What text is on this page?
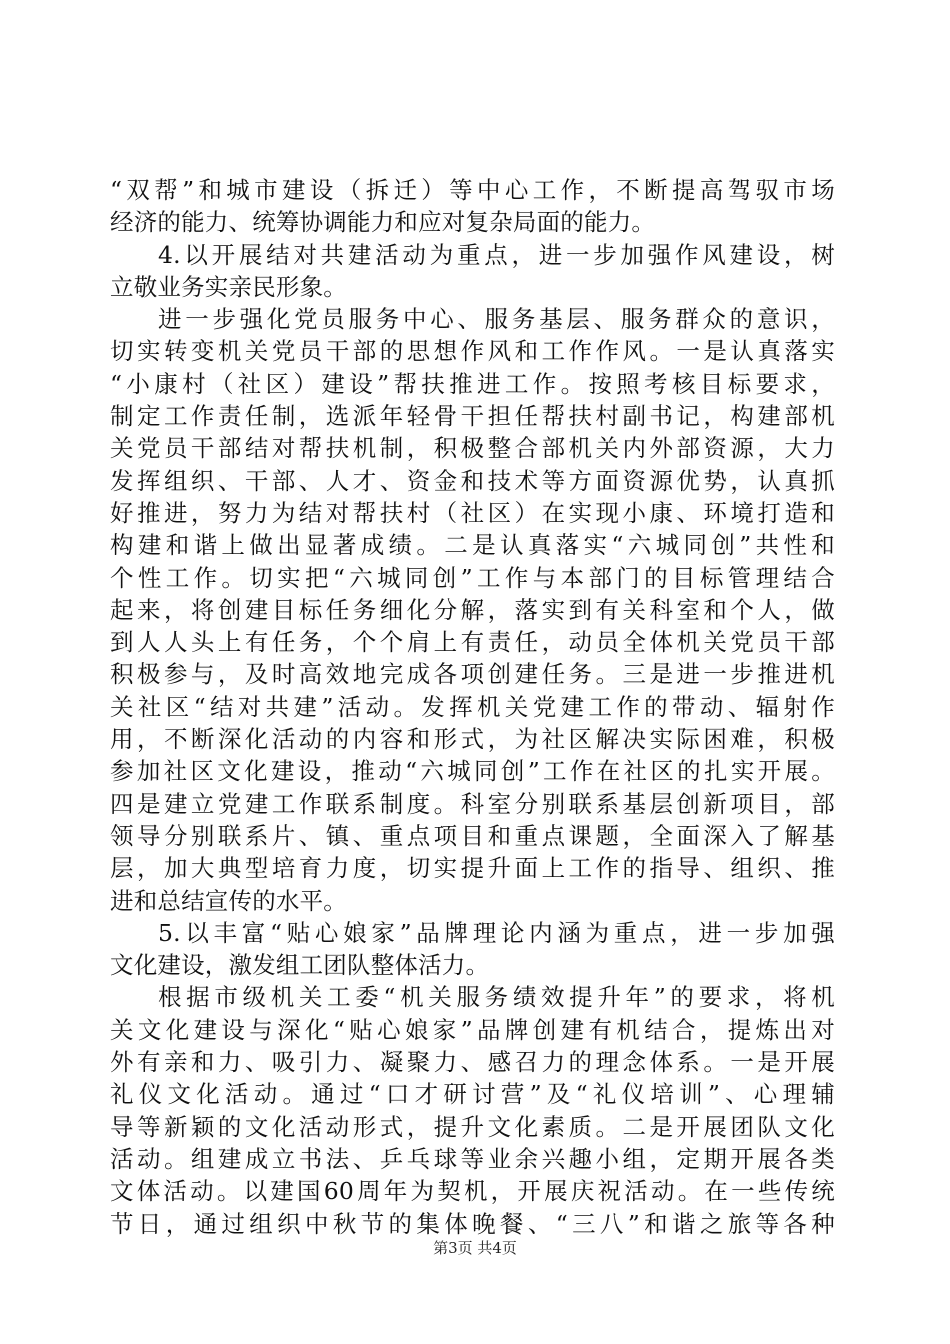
“双帮”和城市建设（拆迁）等中心工作，不断提高驾驭市场
经济的能力、统筹协调能力和应对复杂局面的能力。
4.以开展结对共建活动为重点，进一步加强作风建设，树
立敬业务实亲民形象。
进一步强化党员服务中心、服务基层、服务群众的意识，
切实转变机关党员干部的思想作风和工作作风。一是认真落实
“小康村（社区）建设”帮扶推进工作。按照考核目标要求，
制定工作责任制，选派年轻骨干担任帮扶村副书记，构建部机
关党员干部结对帮扶机制，积极整合部机关内外部资源，大力
发挥组织、干部、人才、资金和技术等方面资源优势，认真抓
好推进，努力为结对帮扶村（社区）在实现小康、环境打造和
构建和谐上做出显著成绩。二是认真落实“六城同创”共性和
个性工作。切实把“六城同创”工作与本部门的目标管理结合
起来，将创建目标任务细化分解，落实到有关科室和个人，做
到人人头上有任务，个个肩上有责任，动员全体机关党员干部
积极参与，及时高效地完成各项创建任务。三是进一步推进机
关社区“结对共建”活动。发挥机关党建工作的带动、辐射作
用，不断深化活动的内容和形式，为社区解决实际困难，积极
参加社区文化建设，推动“六城同创”工作在社区的扎实开展。
四是建立党建工作联系制度。科室分别联系基层创新项目，部
领导分别联系片、镇、重点项目和重点课题，全面深入了解基
层，加大典型培育力度，切实提升面上工作的指导、组织、推
进和总结宣传的水平。
5.以丰富“贴心娘家”品牌理论内涵为重点，进一步加强
文化建设，激发组工团队整体活力。
根据市级机关工委“机关服务绩效提升年”的要求，将机
关文化建设与深化“贴心娘家”品牌创建有机结合，提炼出对
外有亲和力、吸引力、凝聚力、感召力的理念体系。一是开展
礼仪文化活动。通过“口才研讨营”及“礼仪培训”、心理辅
导等新颖的文化活动形式，提升文化素质。二是开展团队文化
活动。组建成立书法、乒乓球等业余兴趣小组，定期开展各类
文体活动。以建国60周年为契机，开展庆祝活动。在一些传统
节日，通过组织中秋节的集体晚餐、“三八”和谐之旅等各种
第3页 共4页
